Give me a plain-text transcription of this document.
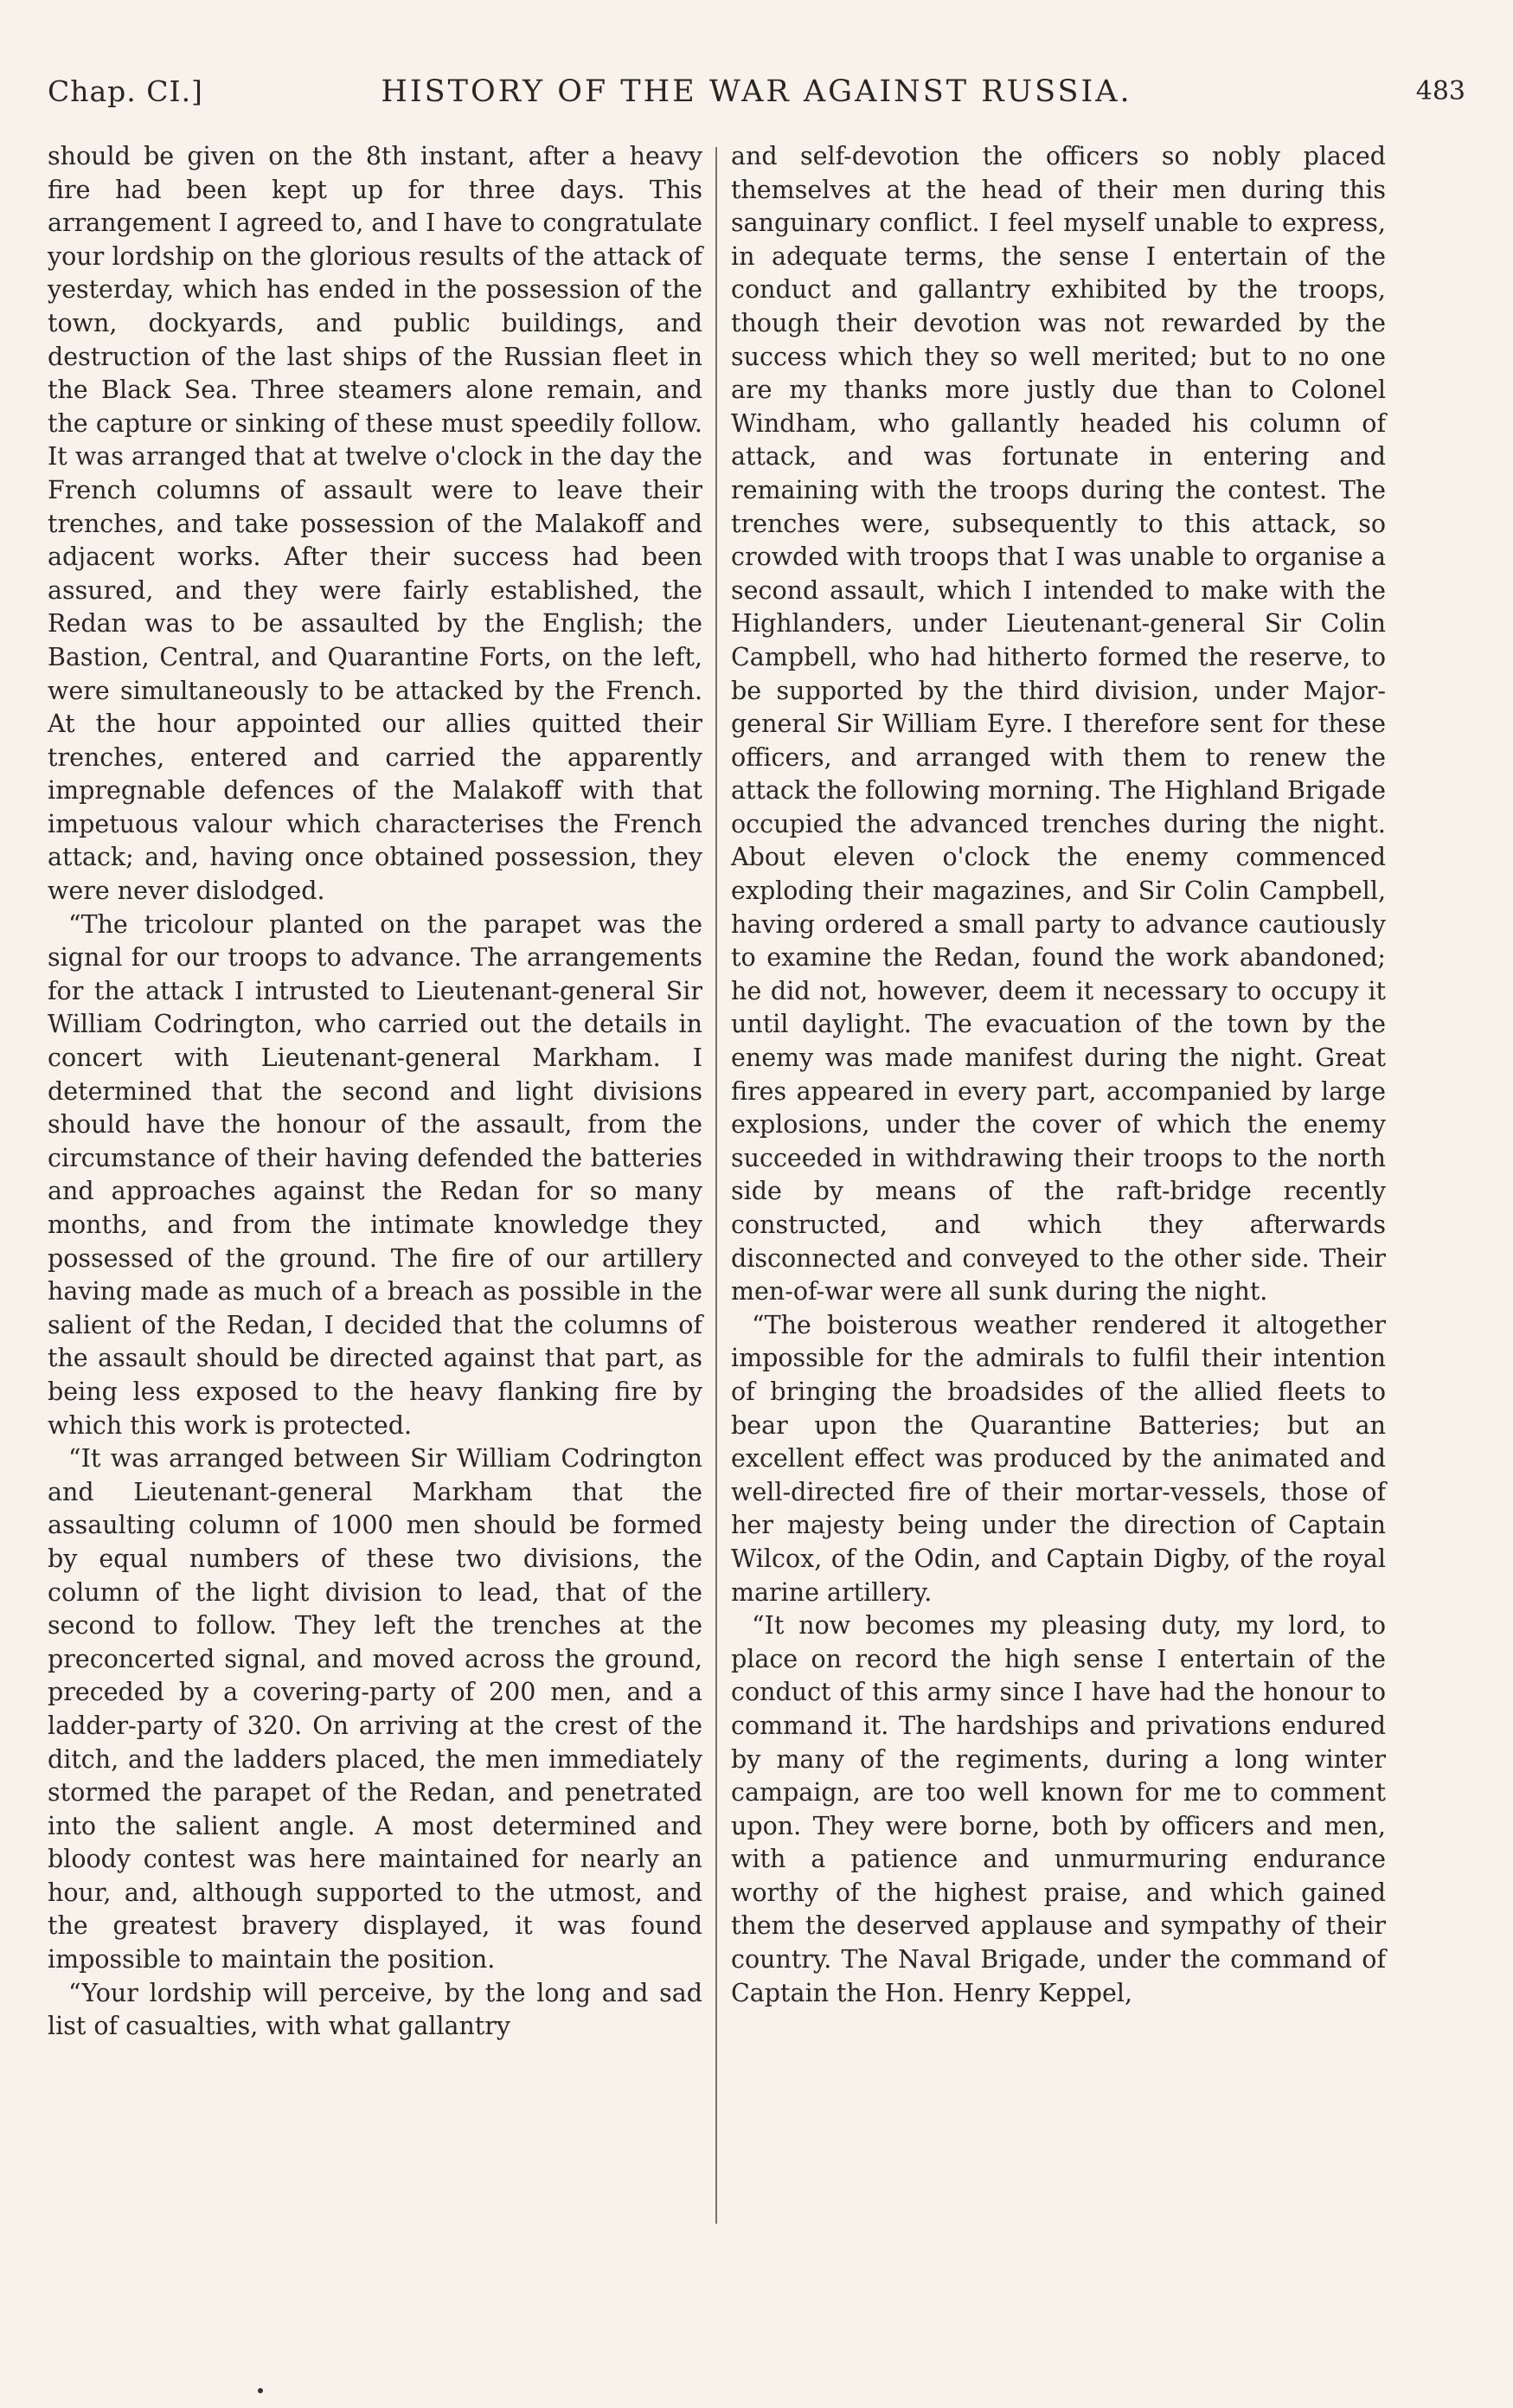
Chap. CI.]	HISTORY OF THE WAR AGAINST RUSSIA.	483

should be given on the 8th instant, after a heavy fire had been kept up for three days. This arrangement I agreed to, and I have to congratulate your lordship on the glorious results of the attack of yesterday, which has ended in the possession of the town, dockyards, and public buildings, and destruction of the last ships of the Russian fleet in the Black Sea. Three steamers alone remain, and the capture or sinking of these must speedily follow. It was arranged that at twelve o'clock in the day the French columns of assault were to leave their trenches, and take possession of the Malakoff and adjacent works. After their success had been assured, and they were fairly established, the Redan was to be assaulted by the English; the Bastion, Central, and Quarantine Forts, on the left, were simultaneously to be attacked by the French. At the hour appointed our allies quitted their trenches, entered and carried the apparently impregnable defences of the Malakoff with that impetuous valour which characterises the French attack; and, having once obtained possession, they were never dislodged.

“The tricolour planted on the parapet was the signal for our troops to advance. The arrangements for the attack I intrusted to Lieutenant-general Sir William Codrington, who carried out the details in concert with Lieutenant-general Markham. I determined that the second and light divisions should have the honour of the assault, from the circumstance of their having defended the batteries and approaches against the Redan for so many months, and from the intimate knowledge they possessed of the ground. The fire of our artillery having made as much of a breach as possible in the salient of the Redan, I decided that the columns of the assault should be directed against that part, as being less exposed to the heavy flanking fire by which this work is protected.

“It was arranged between Sir William Codrington and Lieutenant-general Markham that the assaulting column of 1000 men should be formed by equal numbers of these two divisions, the column of the light division to lead, that of the second to follow. They left the trenches at the preconcerted signal, and moved across the ground, preceded by a covering-party of 200 men, and a ladder-party of 320. On arriving at the crest of the ditch, and the ladders placed, the men immediately stormed the parapet of the Redan, and penetrated into the salient angle. A most determined and bloody contest was here maintained for nearly an hour, and, although supported to the utmost, and the greatest bravery displayed, it was found impossible to maintain the position.

“Your lordship will perceive, by the long and sad list of casualties, with what gallantry

and self-devotion the officers so nobly placed themselves at the head of their men during this sanguinary conflict. I feel myself unable to express, in adequate terms, the sense I entertain of the conduct and gallantry exhibited by the troops, though their devotion was not rewarded by the success which they so well merited; but to no one are my thanks more justly due than to Colonel Windham, who gallantly headed his column of attack, and was fortunate in entering and remaining with the troops during the contest. The trenches were, subsequently to this attack, so crowded with troops that I was unable to organise a second assault, which I intended to make with the Highlanders, under Lieutenant-general Sir Colin Campbell, who had hitherto formed the reserve, to be supported by the third division, under Major-general Sir William Eyre. I therefore sent for these officers, and arranged with them to renew the attack the following morning. The Highland Brigade occupied the advanced trenches during the night. About eleven o'clock the enemy commenced exploding their magazines, and Sir Colin Campbell, having ordered a small party to advance cautiously to examine the Redan, found the work abandoned; he did not, however, deem it necessary to occupy it until daylight. The evacuation of the town by the enemy was made manifest during the night. Great fires appeared in every part, accompanied by large explosions, under the cover of which the enemy succeeded in withdrawing their troops to the north side by means of the raft-bridge recently constructed, and which they afterwards disconnected and conveyed to the other side. Their men-of-war were all sunk during the night.

“The boisterous weather rendered it altogether impossible for the admirals to fulfil their intention of bringing the broadsides of the allied fleets to bear upon the Quarantine Batteries; but an excellent effect was produced by the animated and well-directed fire of their mortar-vessels, those of her majesty being under the direction of Captain Wilcox, of the Odin, and Captain Digby, of the royal marine artillery.

“It now becomes my pleasing duty, my lord, to place on record the high sense I entertain of the conduct of this army since I have had the honour to command it. The hardships and privations endured by many of the regiments, during a long winter campaign, are too well known for me to comment upon. They were borne, both by officers and men, with a patience and unmurmuring endurance worthy of the highest praise, and which gained them the deserved applause and sympathy of their country. The Naval Brigade, under the command of Captain the Hon. Henry Keppel,
